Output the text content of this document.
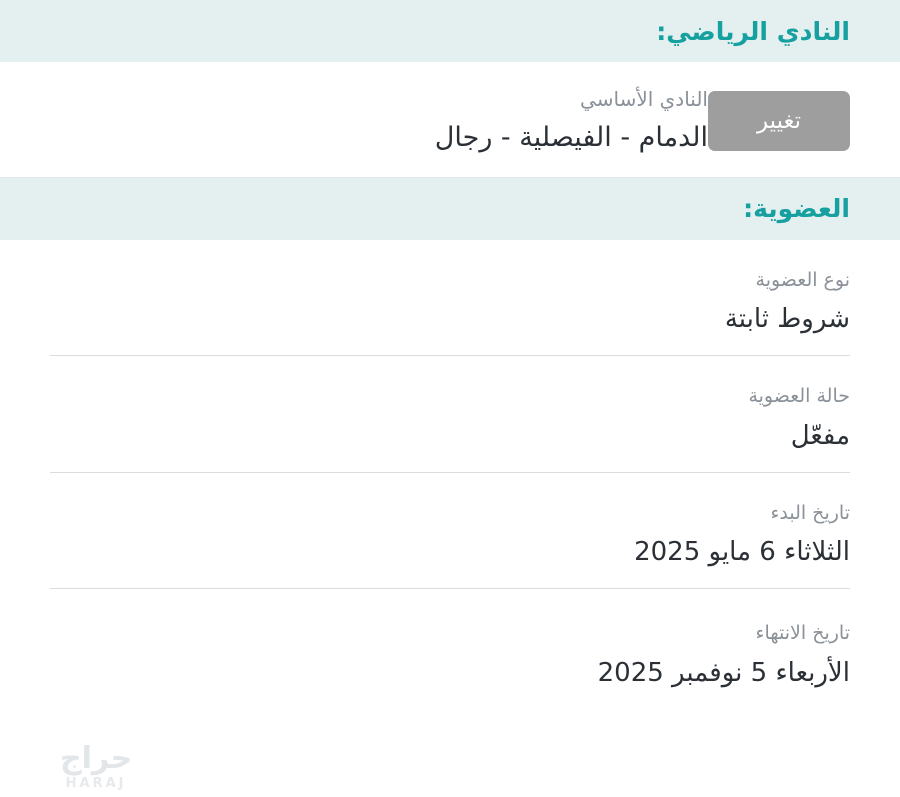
النادي الرياضي:
النادي الأساسي
الدمام - الفيصلية - رجال
تغيير
العضوية:
نوع العضوية
شروط ثابتة
حالة العضوية
مفعّل
تاريخ البدء
الثلاثاء 6 مايو 2025
تاريخ الانتهاء
الأربعاء 5 نوفمبر 2025
حراج
HARAJ
